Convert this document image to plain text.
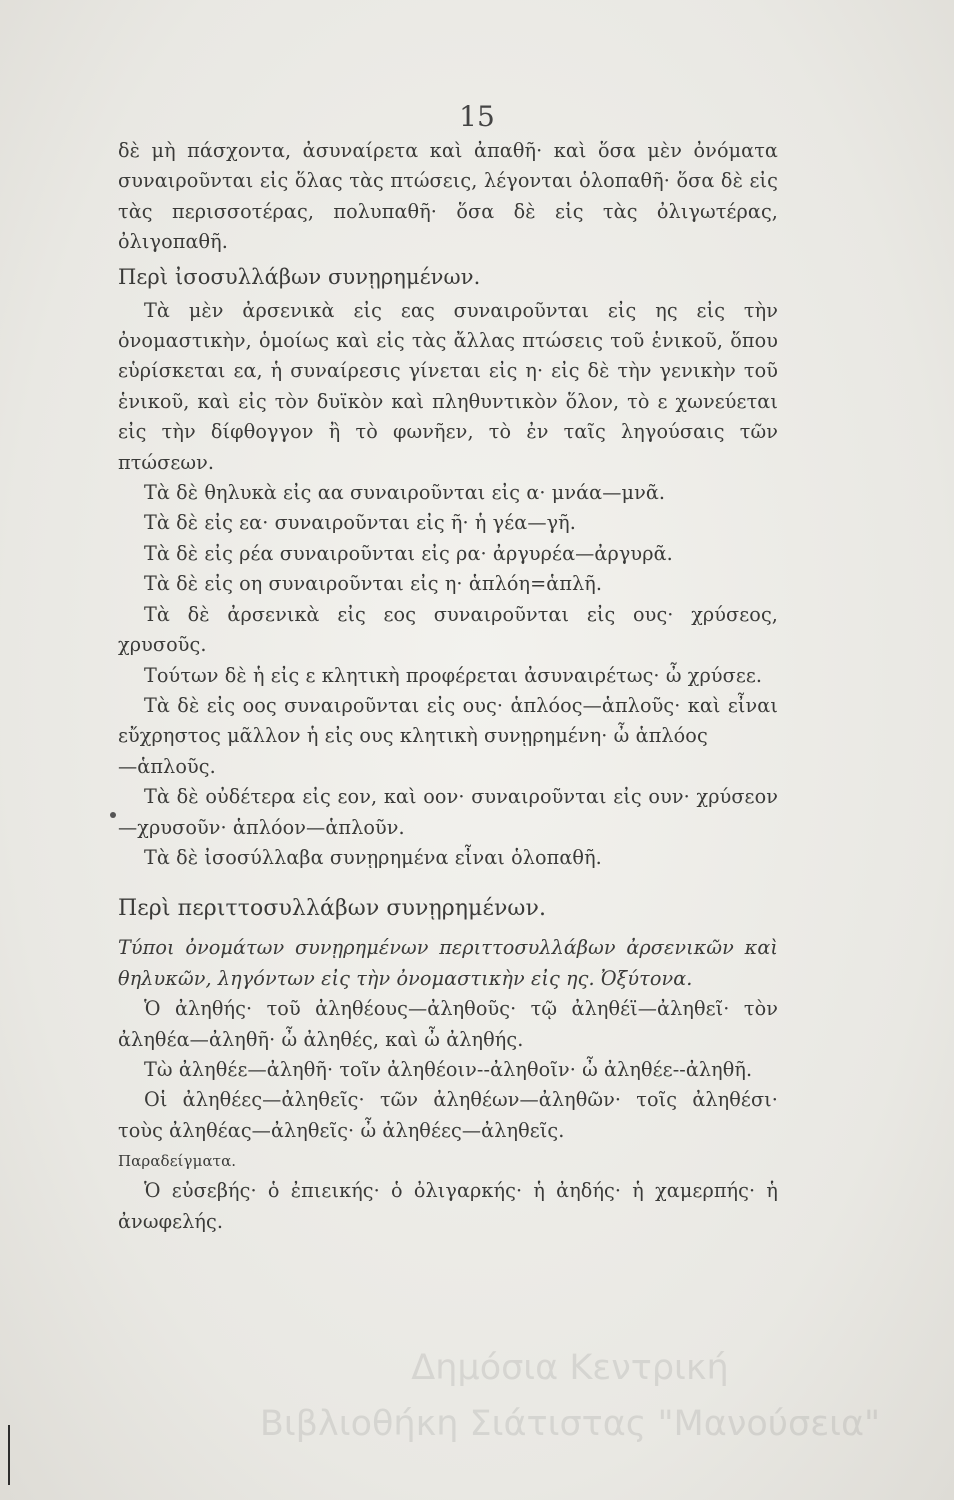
15

δὲ μὴ πάσχοντα, ἀσυναίρετα καὶ ἀπαθῆ· καὶ ὅσα μὲν ὀνόματα συναιροῦνται εἰς ὅλας τὰς πτώσεις, λέγονται ὁλοπαθῆ· ὅσα δὲ εἰς τὰς περισσοτέρας, πολυπαθῆ· ὅσα δὲ εἰς τὰς ὀλιγωτέρας, ὀλιγοπαθῆ.

Περὶ ἰσοσυλλάβων συνῃρημένων.

Τὰ μὲν ἀρσενικὰ εἰς εας συναιροῦνται εἰς ης εἰς τὴν ὀνομαστικὴν, ὁμοίως καὶ εἰς τὰς ἄλλας πτώσεις τοῦ ἑνικοῦ, ὅπου εὑρίσκεται εα, ἡ συναίρεσις γίνεται εἰς η· εἰς δὲ τὴν γενικὴν τοῦ ἑνικοῦ, καὶ εἰς τὸν δυϊκὸν καὶ πληθυντικὸν ὅλον, τὸ ε χωνεύεται εἰς τὴν δίφθογγον ἢ τὸ φωνῆεν, τὸ ἐν ταῖς ληγούσαις τῶν πτώσεων.

Τὰ δὲ θηλυκὰ εἰς αα συναιροῦνται εἰς α· μνάα—μνᾶ.

Τὰ δὲ εἰς εα· συναιροῦνται εἰς ῆ· ἡ γέα—γῆ.

Τὰ δὲ εἰς ρέα συναιροῦνται εἰς ρα· ἀργυρέα—ἀργυρᾶ.

Τὰ δὲ εἰς οη συναιροῦνται εἰς η· ἁπλόη=ἁπλῆ.

Τὰ δὲ ἀρσενικὰ εἰς εος συναιροῦνται εἰς ους· χρύσεος, χρυσοῦς.

Τούτων δὲ ἡ εἰς ε κλητικὴ προφέρεται ἀσυναιρέτως· ὦ χρύσεε.

Τὰ δὲ εἰς οος συναιροῦνται εἰς ους· ἁπλόος—ἁπλοῦς· καὶ εἶναι εὔχρηστος μᾶλλον ἡ εἰς ους κλητικὴ συνῃρημένη· ὦ ἁπλόος

—ἁπλοῦς.

Τὰ δὲ οὐδέτερα εἰς εον, καὶ οον· συναιροῦνται εἰς ουν· χρύσεον—χρυσοῦν· ἁπλόον—ἁπλοῦν.

Τὰ δὲ ἰσοσύλλαβα συνῃρημένα εἶναι ὁλοπαθῆ.

Περὶ περιττοσυλλάβων συνῃρημένων.

Τύποι ὀνομάτων συνῃρημένων περιττοσυλλάβων ἀρσενικῶν καὶ θηλυκῶν, ληγόντων εἰς τὴν ὀνομαστικὴν εἰς ης. Ὀξύτονα.

Ὁ ἀληθής· τοῦ ἀληθέους—ἀληθοῦς· τῷ ἀληθέϊ—ἀληθεῖ· τὸν ἀληθέα—ἀληθῆ· ὦ ἀληθές, καὶ ὦ ἀληθής.

Τὼ ἀληθέε—ἀληθῆ· τοῖν ἀληθέοιν--ἀληθοῖν· ὦ ἀληθέε--ἀληθῆ.

Οἱ ἀληθέες—ἀληθεῖς· τῶν ἀληθέων—ἀληθῶν· τοῖς ἀληθέσι· τοὺς ἀληθέας—ἀληθεῖς· ὦ ἀληθέες—ἀληθεῖς.

Παραδείγματα.

Ὁ εὐσεβής· ὁ ἐπιεικής· ὁ ὀλιγαρκής· ἡ ἀηδής· ἡ χαμερπής· ἡ ἀνωφελής.

Δημόσια Κεντρική
Βιβλιοθήκη Σιάτιστας "Μανούσεια"
